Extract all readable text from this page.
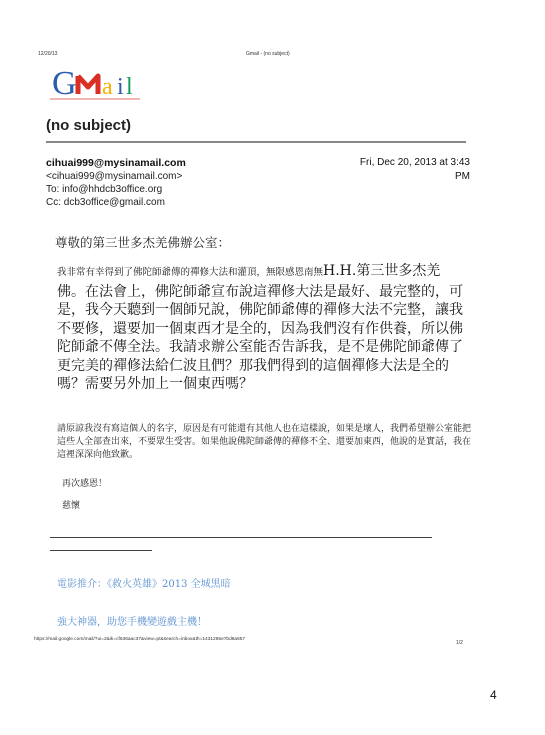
12/20/13	Gmail - (no subject)
G a i l
(no subject)
cihuai999@mysinamail.com
<cihuai999@mysinamail.com>
To: info@hhdcb3office.org
Cc: dcb3office@gmail.com
Fri, Dec 20, 2013 at 3:43
PM
尊敬的第三世多杰羌佛辦公室：
我非常有幸得到了佛陀師爺傳的禪修大法和灌頂，無限感恩南無H.H.第三世多杰羌佛。在法會上，佛陀師爺宣布說這禪修大法是最好、最完整的，可是，我今天聽到一個師兄說，佛陀師爺傳的禪修大法不完整，讓我不要修，還要加一個東西才是全的，因為我們沒有作供養，所以佛陀師爺不傳全法。我請求辦公室能否告訴我，是不是佛陀師爺傳了更完美的禪修法給仁波且們？那我們得到的這個禪修大法是全的嗎？需要另外加上一個東西嗎？
請原諒我沒有寫這個人的名字，原因是有可能還有其他人也在這樣說，如果是壞人，我們希望辦公室能把這些人全部查出來，不要眾生受害。如果他說佛陀師爺傳的禪修不全、還要加東西，他說的是實話，我在這裡深深向他致歉。
再次感恩！
慈懷
電影推介：《救火英雄》2013 全城黑暗
強大神器，助您手機變遊戲主機！
https://mail.google.com/mail/?ui=2&ik=cf636aac37&view=pt&search=inbox&th=1431265e7bd8a657
1/2
4
